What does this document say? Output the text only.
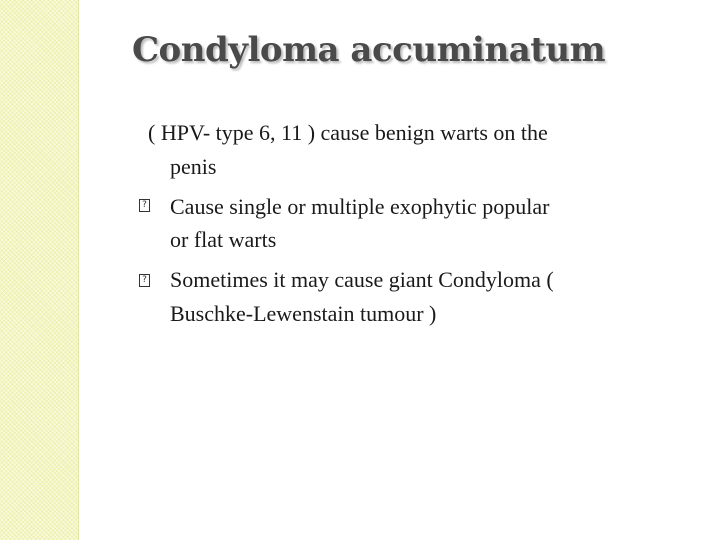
Condyloma accuminatum
( HPV- type 6, 11 ) cause benign warts on the
penis
?
Cause single or multiple exophytic popular
or flat warts
?
Sometimes it may cause giant Condyloma (
Buschke-Lewenstain tumour )
